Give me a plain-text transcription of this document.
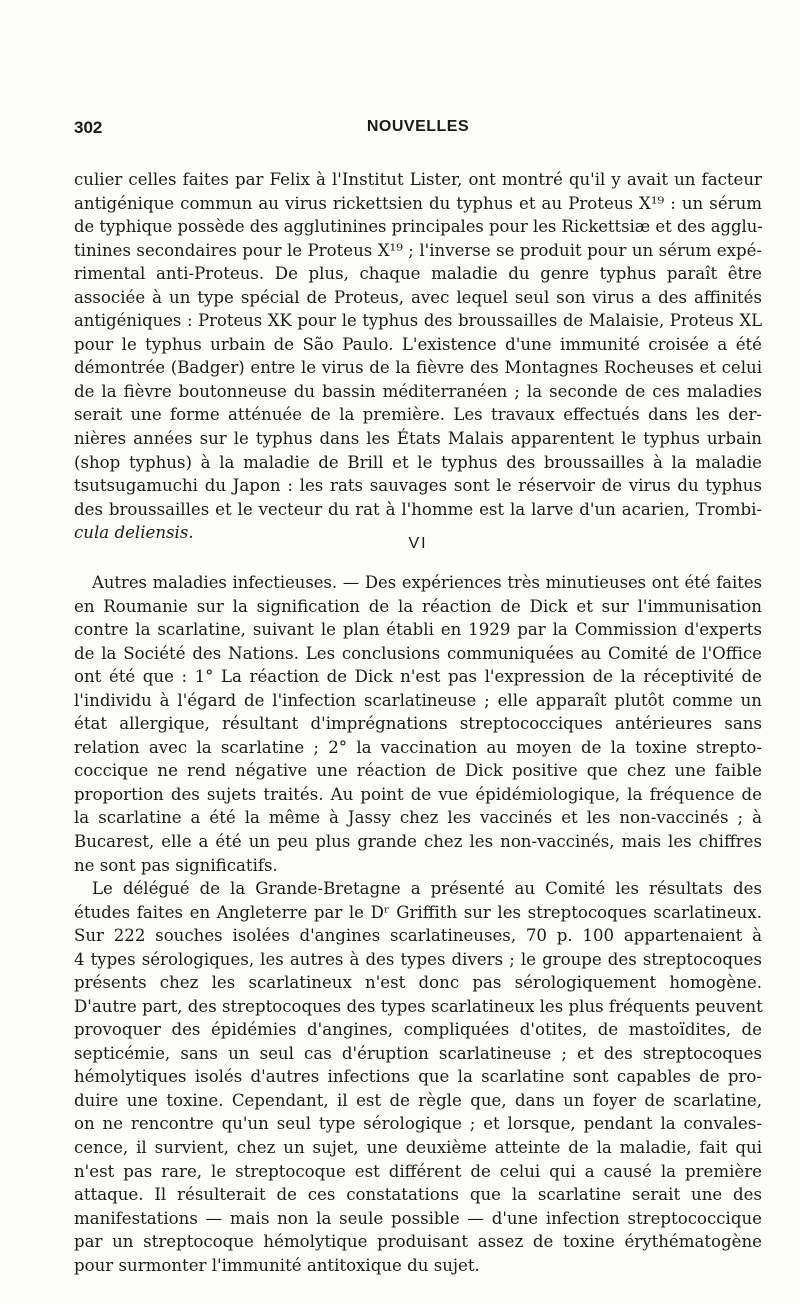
302	NOUVELLES
culier celles faites par Felix à l'Institut Lister, ont montré qu'il y avait un facteur
antigénique commun au virus rickettsien du typhus et au Proteus X¹⁹ : un sérum
de typhique possède des agglutinines principales pour les Rickettsiæ et des agglu-
tinines secondaires pour le Proteus X¹⁹ ; l'inverse se produit pour un sérum expé-
rimental anti-Proteus. De plus, chaque maladie du genre typhus paraît être
associée à un type spécial de Proteus, avec lequel seul son virus a des affinités
antigéniques : Proteus XK pour le typhus des broussailles de Malaisie, Proteus XL
pour le typhus urbain de São Paulo. L'existence d'une immunité croisée a été
démontrée (Badger) entre le virus de la fièvre des Montagnes Rocheuses et celui
de la fièvre boutonneuse du bassin méditerranéen ; la seconde de ces maladies
serait une forme atténuée de la première. Les travaux effectués dans les der-
nières années sur le typhus dans les États Malais apparentent le typhus urbain
(shop typhus) à la maladie de Brill et le typhus des broussailles à la maladie
tsutsugamuchi du Japon : les rats sauvages sont le réservoir de virus du typhus
des broussailles et le vecteur du rat à l'homme est la larve d'un acarien, Trombi-
cula deliensis.
VI
Autres maladies infectieuses. — Des expériences très minutieuses ont été faites
en Roumanie sur la signification de la réaction de Dick et sur l'immunisation
contre la scarlatine, suivant le plan établi en 1929 par la Commission d'experts
de la Société des Nations. Les conclusions communiquées au Comité de l'Office
ont été que : 1° La réaction de Dick n'est pas l'expression de la réceptivité de
l'individu à l'égard de l'infection scarlatineuse ; elle apparaît plutôt comme un
état allergique, résultant d'imprégnations streptococciques antérieures sans
relation avec la scarlatine ; 2° la vaccination au moyen de la toxine strepto-
coccique ne rend négative une réaction de Dick positive que chez une faible
proportion des sujets traités. Au point de vue épidémiologique, la fréquence de
la scarlatine a été la même à Jassy chez les vaccinés et les non-vaccinés ; à
Bucarest, elle a été un peu plus grande chez les non-vaccinés, mais les chiffres
ne sont pas significatifs.
Le délégué de la Grande-Bretagne a présenté au Comité les résultats des
études faites en Angleterre par le Dʳ Griffith sur les streptocoques scarlatineux.
Sur 222 souches isolées d'angines scarlatineuses, 70 p. 100 appartenaient à
4 types sérologiques, les autres à des types divers ; le groupe des streptocoques
présents chez les scarlatineux n'est donc pas sérologiquement homogène.
D'autre part, des streptocoques des types scarlatineux les plus fréquents peuvent
provoquer des épidémies d'angines, compliquées d'otites, de mastoïdites, de
septicémie, sans un seul cas d'éruption scarlatineuse ; et des streptocoques
hémolytiques isolés d'autres infections que la scarlatine sont capables de pro-
duire une toxine. Cependant, il est de règle que, dans un foyer de scarlatine,
on ne rencontre qu'un seul type sérologique ; et lorsque, pendant la convales-
cence, il survient, chez un sujet, une deuxième atteinte de la maladie, fait qui
n'est pas rare, le streptocoque est différent de celui qui a causé la première
attaque. Il résulterait de ces constatations que la scarlatine serait une des
manifestations — mais non la seule possible — d'une infection streptococcique
par un streptocoque hémolytique produisant assez de toxine érythématogène
pour surmonter l'immunité antitoxique du sujet.
